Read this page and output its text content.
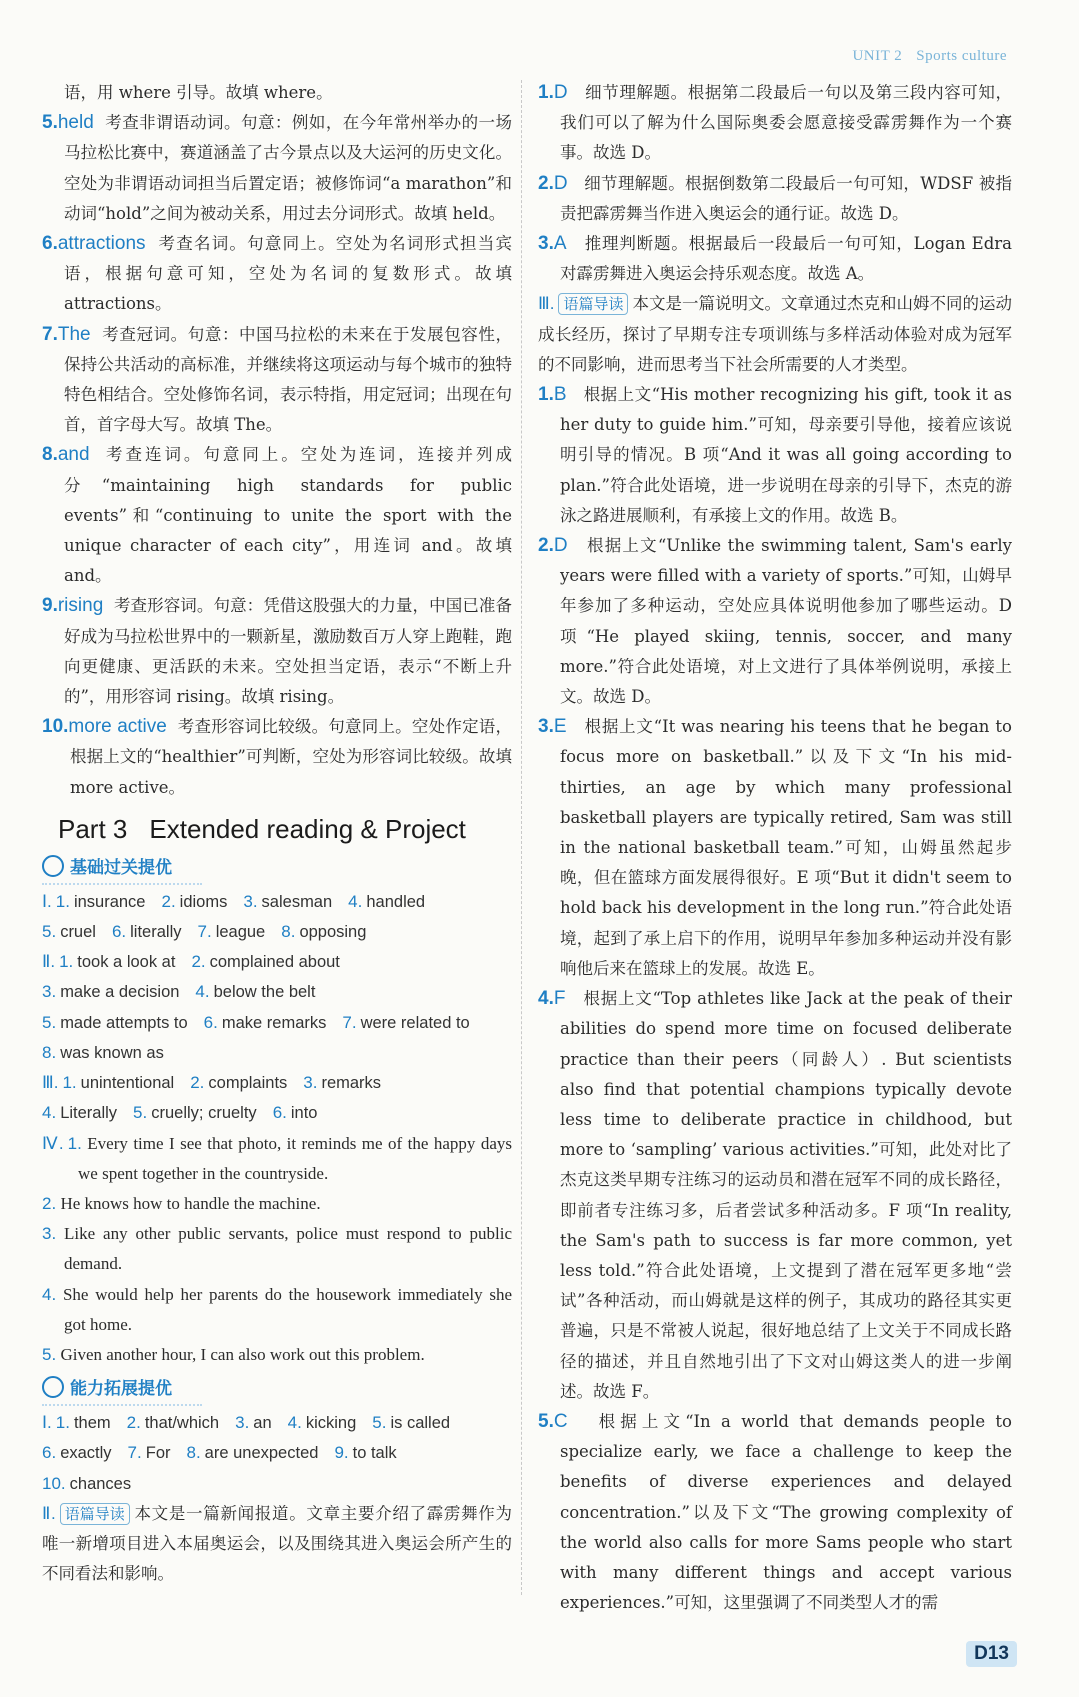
UNIT 2 Sports culture
语，用 where 引导。故填 where。
5.held 考查非谓语动词。句意：例如，在今年常州举办的一场马拉松比赛中，赛道涵盖了古今景点以及大运河的历史文化。空处为非谓语动词担当后置定语；被修饰词“a marathon”和动词“hold”之间为被动关系，用过去分词形式。故填 held。
6.attractions 考查名词。句意同上。空处为名词形式担当宾语，根据句意可知，空处为名词的复数形式。故填 attractions。
7.The 考查冠词。句意：中国马拉松的未来在于发展包容性，保持公共活动的高标准，并继续将这项运动与每个城市的独特特色相结合。空处修饰名词，表示特指，用定冠词；出现在句首，首字母大写。故填 The。
8.and 考查连词。句意同上。空处为连词，连接并列成分“maintaining high standards for public events”和“continuing to unite the sport with the unique character of each city”，用连词 and。故填 and。
9.rising 考查形容词。句意：凭借这股强大的力量，中国已准备好成为马拉松世界中的一颗新星，激励数百万人穿上跑鞋，跑向更健康、更活跃的未来。空处担当定语，表示“不断上升的”，用形容词 rising。故填 rising。
10.more active 考查形容词比较级。句意同上。空处作定语，根据上文的“healthier”可判断，空处为形容词比较级。故填 more active。
Part 3 Extended reading & Project
基础过关提优
Ⅰ. 1. insurance 2. idioms 3. salesman 4. handled
5. cruel 6. literally 7. league 8. opposing
Ⅱ. 1. took a look at 2. complained about
3. make a decision 4. below the belt
5. made attempts to 6. make remarks 7. were related to
8. was known as
Ⅲ. 1. unintentional 2. complaints 3. remarks
4. Literally 5. cruelly; cruelty 6. into
Ⅳ. 1. Every time I see that photo, it reminds me of the happy days we spent together in the countryside.
2. He knows how to handle the machine.
3. Like any other public servants, police must respond to public demand.
4. She would help her parents do the housework immediately she got home.
5. Given another hour, I can also work out this problem.
能力拓展提优
Ⅰ. 1. them 2. that/which 3. an 4. kicking 5. is called
6. exactly 7. For 8. are unexpected 9. to talk
10. chances
Ⅱ. 语篇导读 本文是一篇新闻报道。文章主要介绍了霹雳舞作为唯一新增项目进入本届奥运会，以及围绕其进入奥运会所产生的不同看法和影响。
1.D 细节理解题。根据第二段最后一句以及第三段内容可知，我们可以了解为什么国际奥委会愿意接受霹雳舞作为一个赛事。故选 D。
2.D 细节理解题。根据倒数第二段最后一句可知，WDSF 被指责把霹雳舞当作进入奥运会的通行证。故选 D。
3.A 推理判断题。根据最后一段最后一句可知，Logan Edra 对霹雳舞进入奥运会持乐观态度。故选 A。
Ⅲ. 语篇导读 本文是一篇说明文。文章通过杰克和山姆不同的运动成长经历，探讨了早期专注专项训练与多样活动体验对成为冠军的不同影响，进而思考当下社会所需要的人才类型。
1.B 根据上文“His mother recognizing his gift, took it as her duty to guide him.”可知，母亲要引导他，接着应该说明引导的情况。B 项“And it was all going according to plan.”符合此处语境，进一步说明在母亲的引导下，杰克的游泳之路进展顺利，有承接上文的作用。故选 B。
2.D 根据上文“Unlike the swimming talent, Sam's early years were filled with a variety of sports.”可知，山姆早年参加了多种运动，空处应具体说明他参加了哪些运动。D 项“He played skiing, tennis, soccer, and many more.”符合此处语境，对上文进行了具体举例说明，承接上文。故选 D。
3.E 根据上文“It was nearing his teens that he began to focus more on basketball.”以及下文“In his mid-thirties, an age by which many professional basketball players are typically retired, Sam was still in the national basketball team.”可知，山姆虽然起步晚，但在篮球方面发展得很好。E 项“But it didn't seem to hold back his development in the long run.”符合此处语境，起到了承上启下的作用，说明早年参加多种运动并没有影响他后来在篮球上的发展。故选 E。
4.F 根据上文“Top athletes like Jack at the peak of their abilities do spend more time on focused deliberate practice than their peers（同龄人）. But scientists also find that potential champions typically devote less time to deliberate practice in childhood, but more to ‘sampling’ various activities.”可知，此处对比了杰克这类早期专注练习的运动员和潜在冠军不同的成长路径，即前者专注练习多，后者尝试多种活动多。F 项“In reality, the Sam's path to success is far more common, yet less told.”符合此处语境，上文提到了潜在冠军更多地“尝试”各种活动，而山姆就是这样的例子，其成功的路径其实更普遍，只是不常被人说起，很好地总结了上文关于不同成长路径的描述，并且自然地引出了下文对山姆这类人的进一步阐述。故选 F。
5.C 根据上文“In a world that demands people to specialize early, we face a challenge to keep the benefits of diverse experiences and delayed concentration.”以及下文“The growing complexity of the world also calls for more Sams people who start with many different things and accept various experiences.”可知，这里强调了不同类型人才的需
D13
